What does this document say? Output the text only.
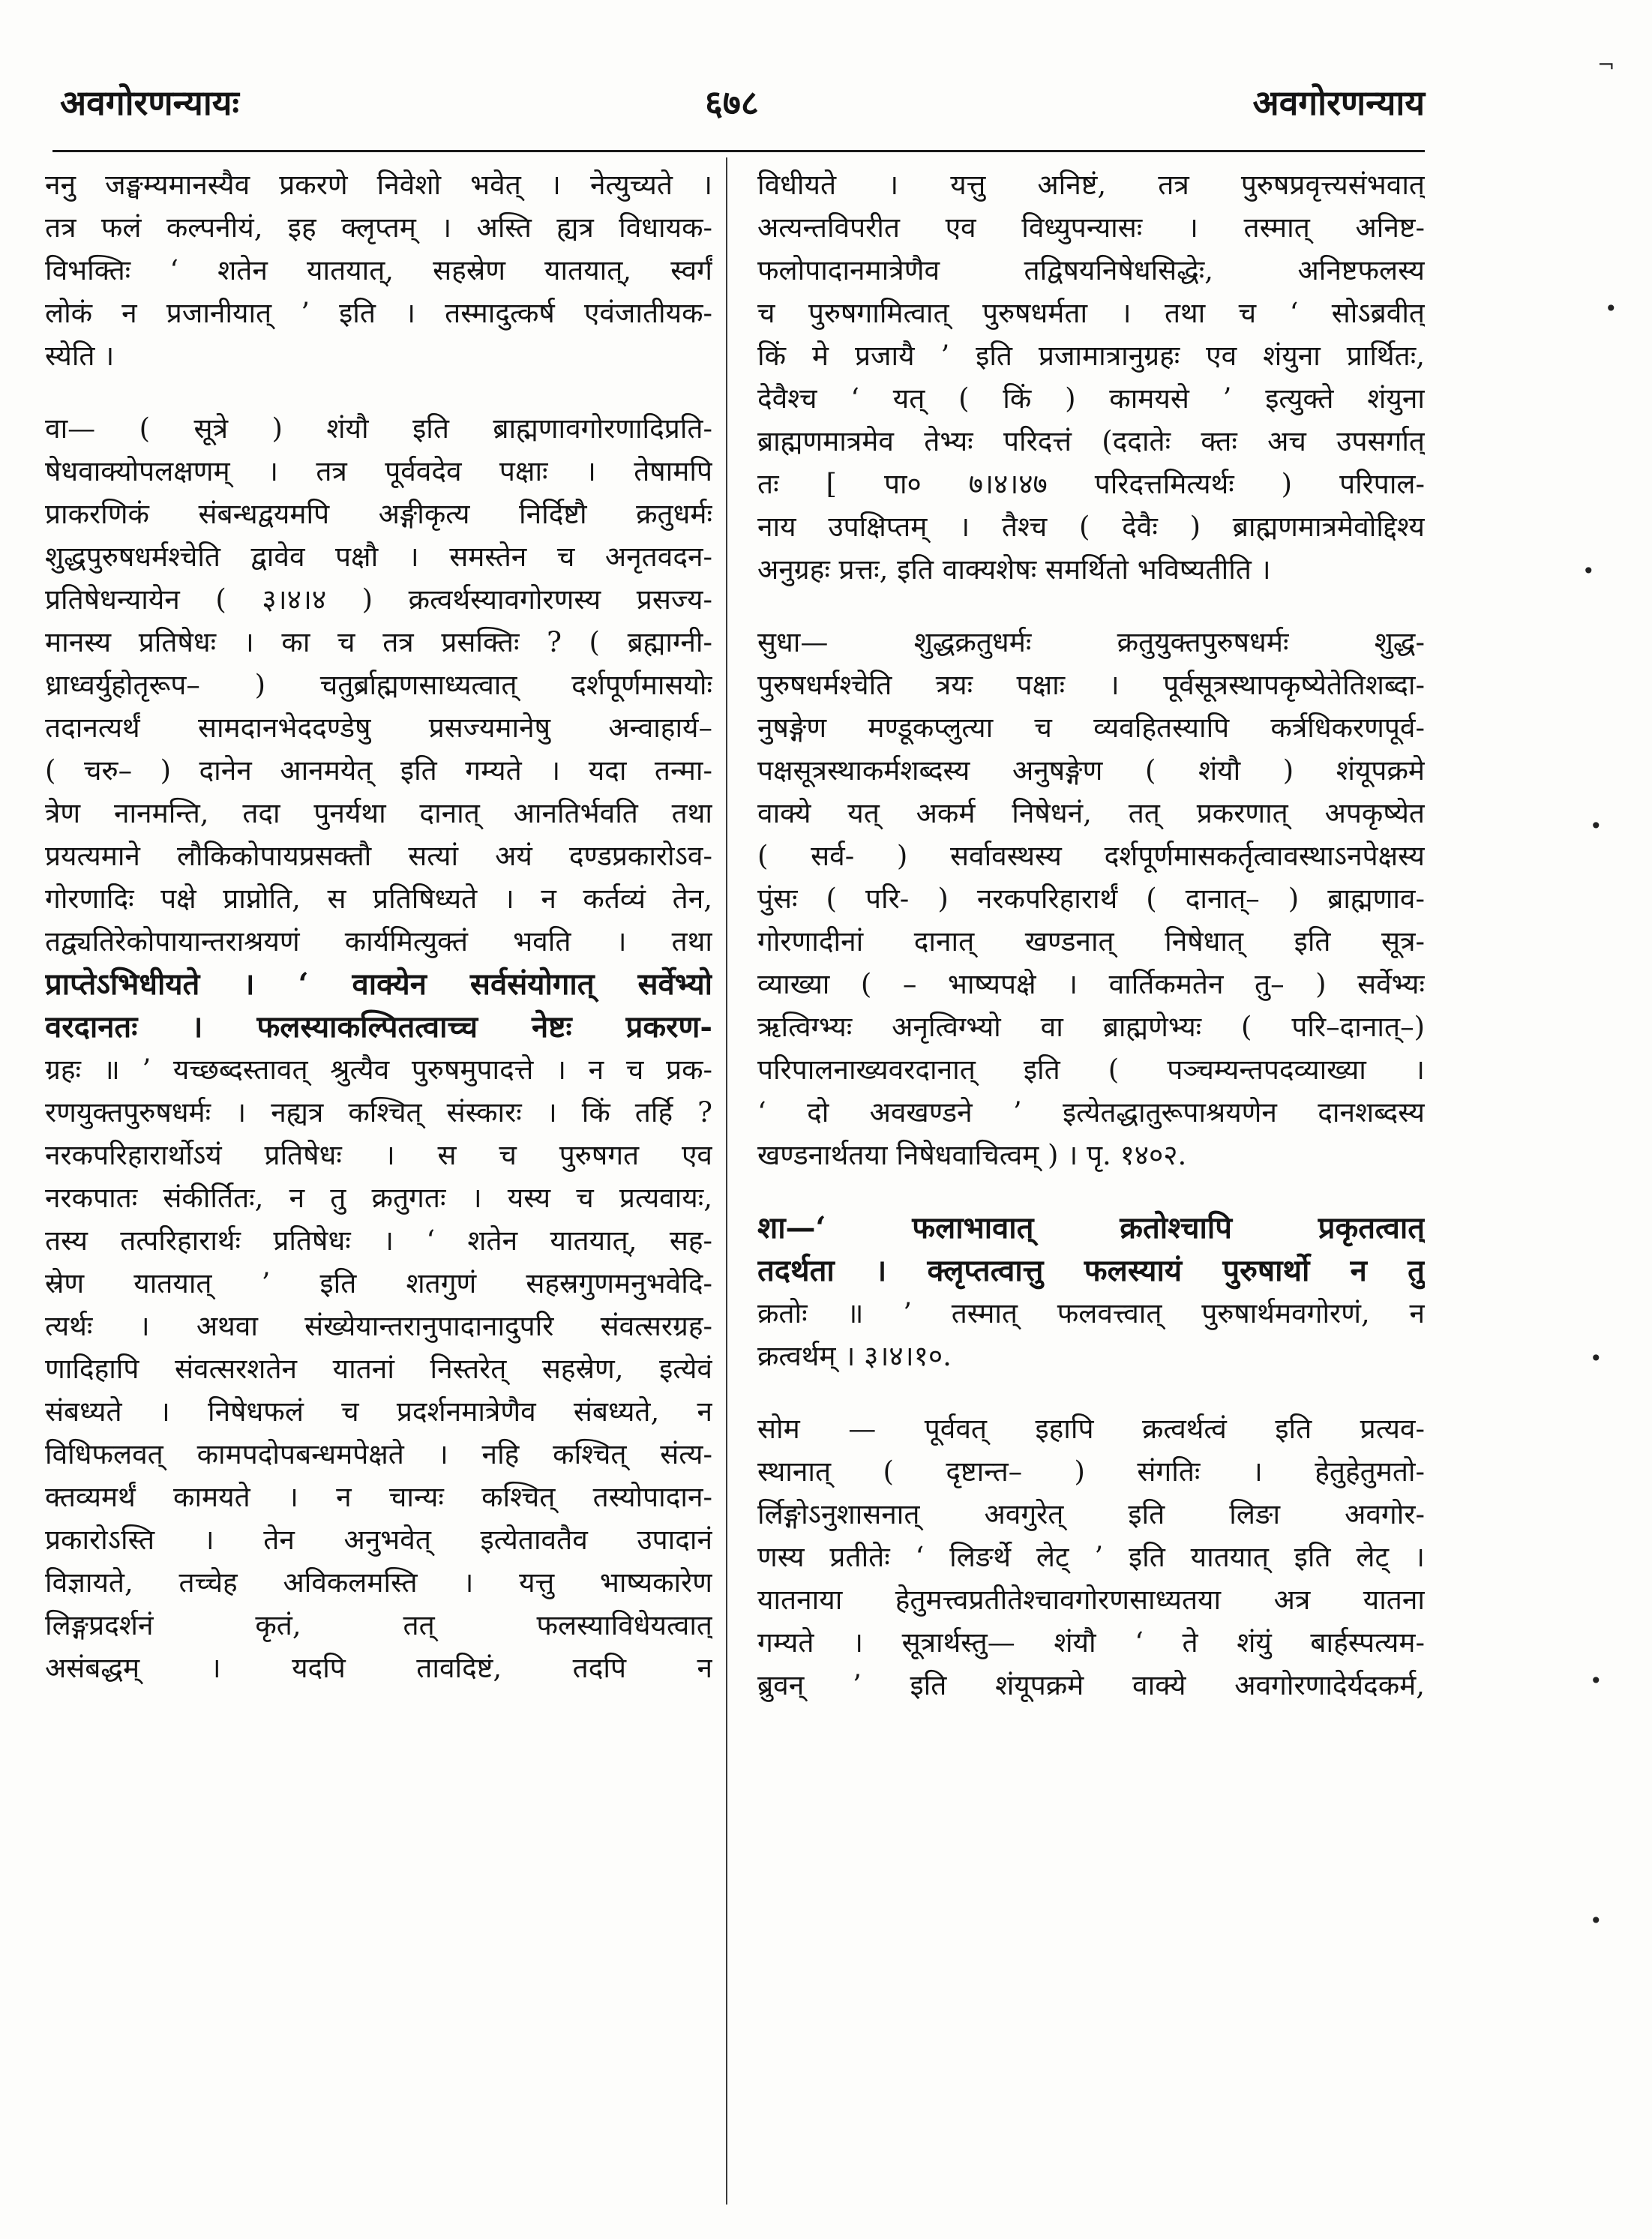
अवगोरणन्यायः	६७८	अवगोरणन्याय
ननु जङ्घम्यमानस्यैव प्रकरणे निवेशो भवेत् । नेत्युच्यते ।
तत्र फलं कल्पनीयं, इह क्लृप्तम् । अस्ति ह्यत्र विधायक-
विभक्तिः ‘ शतेन यातयात्, सहस्रेण यातयात्, स्वर्गं
लोकं न प्रजानीयात् ’ इति । तस्मादुत्कर्ष एवंजातीयक-
स्येति ।
वा— ( सूत्रे ) शंयौ इति ब्राह्मणावगोरणादिप्रति-
षेधवाक्योपलक्षणम् । तत्र पूर्ववदेव पक्षाः । तेषामपि
प्राकरणिकं संबन्धद्वयमपि अङ्गीकृत्य निर्दिष्टौ क्रतुधर्मः
शुद्धपुरुषधर्मश्चेति द्वावेव पक्षौ । समस्तेन च अनृतवदन-
प्रतिषेधन्यायेन ( ३।४।४ ) क्रत्वर्थस्यावगोरणस्य प्रसज्य-
मानस्य प्रतिषेधः । का च तत्र प्रसक्तिः ? ( ब्रह्माग्नी-
ध्राध्वर्युहोतृरूप– ) चतुर्ब्राह्मणसाध्यत्वात् दर्शपूर्णमासयोः
तदानत्यर्थं सामदानभेददण्डेषु प्रसज्यमानेषु अन्वाहार्य–
( चरु– ) दानेन आनमयेत् इति गम्यते । यदा तन्मा-
त्रेण नानमन्ति, तदा पुनर्यथा दानात् आनतिर्भवति तथा
प्रयत्यमाने लौकिकोपायप्रसक्तौ सत्यां अयं दण्डप्रकारोऽव-
गोरणादिः पक्षे प्राप्नोति, स प्रतिषिध्यते । न कर्तव्यं तेन,
तद्व्यतिरेकोपायान्तराश्रयणं कार्यमित्युक्तं भवति । तथा
प्राप्तेऽभिधीयते । ‘ वाक्येन सर्वसंयोगात् सर्वेभ्यो
वरदानतः । फलस्याकल्पितत्वाच्च नेष्टः प्रकरण-
ग्रहः ॥ ’ यच्छब्दस्तावत् श्रुत्यैव पुरुषमुपादत्ते । न च प्रक-
रणयुक्तपुरुषधर्मः । नह्यत्र कश्चित् संस्कारः । किं तर्हि ?
नरकपरिहारार्थोऽयं प्रतिषेधः । स च पुरुषगत एव
नरकपातः संकीर्तितः, न तु क्रतुगतः । यस्य च प्रत्यवायः,
तस्य तत्परिहारार्थः प्रतिषेधः । ‘ शतेन यातयात्, सह-
स्रेण यातयात् ’ इति शतगुणं सहस्रगुणमनुभवेदि-
त्यर्थः । अथवा संख्येयान्तरानुपादानादुपरि संवत्सरग्रह-
णादिहापि संवत्सरशतेन यातनां निस्तरेत् सहस्रेण, इत्येवं
संबध्यते । निषेधफलं च प्रदर्शनमात्रेणैव संबध्यते, न
विधिफलवत् कामपदोपबन्धमपेक्षते । नहि कश्चित् संत्य-
क्तव्यमर्थं कामयते । न चान्यः कश्चित् तस्योपादान-
प्रकारोऽस्ति । तेन अनुभवेत् इत्येतावतैव उपादानं
विज्ञायते, तच्चेह अविकलमस्ति । यत्तु भाष्यकारेण
लिङ्गप्रदर्शनं कृतं, तत् फलस्याविधेयत्वात्
असंबद्धम् । यदपि तावदिष्टं, तदपि न
विधीयते । यत्तु अनिष्टं, तत्र पुरुषप्रवृत्त्यसंभवात्
अत्यन्तविपरीत एव विध्युपन्यासः । तस्मात् अनिष्ट-
फलोपादानमात्रेणैव तद्विषयनिषेधसिद्धेः, अनिष्टफलस्य
च पुरुषगामित्वात् पुरुषधर्मता । तथा च ‘ सोऽब्रवीत्
किं मे प्रजायै ’ इति प्रजामात्रानुग्रहः एव शंयुना प्रार्थितः,
देवैश्च ‘ यत् ( किं ) कामयसे ’ इत्युक्ते शंयुना
ब्राह्मणमात्रमेव तेभ्यः परिदत्तं (ददातेः क्तः अच उपसर्गात्
तः [ पा० ७।४।४७ परिदत्तमित्यर्थः ) परिपाल-
नाय उपक्षिप्तम् । तैश्च ( देवैः ) ब्राह्मणमात्रमेवोद्दिश्य
अनुग्रहः प्रत्तः, इति वाक्यशेषः समर्थितो भविष्यतीति ।
सुधा— शुद्धक्रतुधर्मः क्रतुयुक्तपुरुषधर्मः शुद्ध-
पुरुषधर्मश्चेति त्रयः पक्षाः । पूर्वसूत्रस्थापकृष्येतेतिशब्दा-
नुषङ्गेण मण्डूकप्लुत्या च व्यवहितस्यापि कर्त्रधिकरणपूर्व-
पक्षसूत्रस्थाकर्मशब्दस्य अनुषङ्गेण ( शंयौ ) शंयूपक्रमे
वाक्ये यत् अकर्म निषेधनं, तत् प्रकरणात् अपकृष्येत
( सर्व- ) सर्वावस्थस्य दर्शपूर्णमासकर्तृत्वावस्थाऽनपेक्षस्य
पुंसः ( परि- ) नरकपरिहारार्थं ( दानात्– ) ब्राह्मणाव-
गोरणादीनां दानात् खण्डनात् निषेधात् इति सूत्र-
व्याख्या ( – भाष्यपक्षे । वार्तिकमतेन तु– ) सर्वेभ्यः
ऋत्विग्भ्यः अनृत्विग्भ्यो वा ब्राह्मणेभ्यः ( परि–दानात्–)
परिपालनाख्यवरदानात् इति ( पञ्चम्यन्तपदव्याख्या ।
‘ दो अवखण्डने ’ इत्येतद्धातुरूपाश्रयणेन दानशब्दस्य
खण्डनार्थतया निषेधवाचित्वम् ) । पृ. १४०२.
शा—‘ फलाभावात् क्रतोश्चापि प्रकृतत्वात्
तदर्थता । क्लृप्तत्वात्तु फलस्यायं पुरुषार्थो न तु
क्रतोः ॥ ’ तस्मात् फलवत्त्वात् पुरुषार्थमवगोरणं, न
क्रत्वर्थम् । ३।४।१०.
सोम — पूर्ववत् इहापि क्रत्वर्थत्वं इति प्रत्यव-
स्थानात् ( दृष्टान्त– ) संगतिः । हेतुहेतुमतो-
र्लिङ्गोऽनुशासनात् अवगुरेत् इति लिङा अवगोर-
णस्य प्रतीतेः ‘ लिङर्थे लेट् ’ इति यातयात् इति लेट् ।
यातनाया हेतुमत्त्वप्रतीतेश्चावगोरणसाध्यतया अत्र यातना
गम्यते । सूत्रार्थस्तु— शंयौ ‘ ते शंयुं बार्हस्पत्यम-
ब्रुवन् ’ इति शंयूपक्रमे वाक्ये अवगोरणादेर्यदकर्म,
¬
•
•
•
•
•
•
